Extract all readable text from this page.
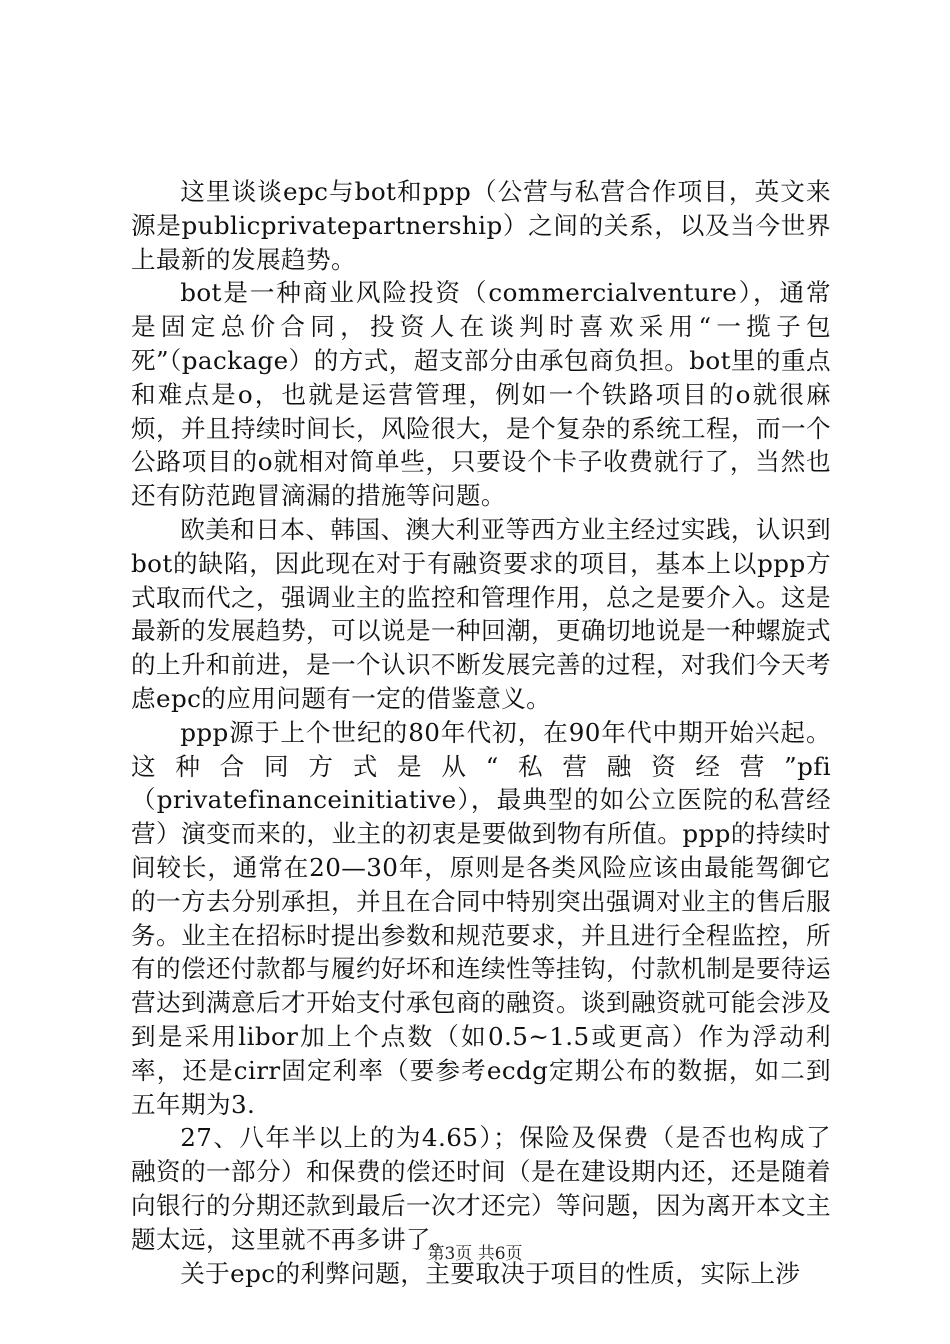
这里谈谈epc与bot和ppp（公营与私营合作项目，英文来源是publicprivatepartnership）之间的关系，以及当今世界上最新的发展趋势。

bot是一种商业风险投资（commercialventure），通常是固定总价合同，投资人在谈判时喜欢采用“一揽子包死”（package）的方式，超支部分由承包商负担。bot里的重点和难点是o，也就是运营管理，例如一个铁路项目的o就很麻烦，并且持续时间长，风险很大，是个复杂的系统工程，而一个公路项目的o就相对简单些，只要设个卡子收费就行了，当然也还有防范跑冒滴漏的措施等问题。

欧美和日本、韩国、澳大利亚等西方业主经过实践，认识到bot的缺陷，因此现在对于有融资要求的项目，基本上以ppp方式取而代之，强调业主的监控和管理作用，总之是要介入。这是最新的发展趋势，可以说是一种回潮，更确切地说是一种螺旋式的上升和前进，是一个认识不断发展完善的过程，对我们今天考虑epc的应用问题有一定的借鉴意义。

ppp源于上个世纪的80年代初，在90年代中期开始兴起。这种合同方式是从“私营融资经营”pfi（privatefinanceinitiative），最典型的如公立医院的私营经营）演变而来的，业主的初衷是要做到物有所值。ppp的持续时间较长，通常在20—30年，原则是各类风险应该由最能驾御它的一方去分别承担，并且在合同中特别突出强调对业主的售后服务。业主在招标时提出参数和规范要求，并且进行全程监控，所有的偿还付款都与履约好坏和连续性等挂钩，付款机制是要待运营达到满意后才开始支付承包商的融资。谈到融资就可能会涉及到是采用libor加上个点数（如0.5~1.5或更高）作为浮动利率，还是cirr固定利率（要参考ecdg定期公布的数据，如二到五年期为3.

27、八年半以上的为4.65）；保险及保费（是否也构成了融资的一部分）和保费的偿还时间（是在建设期内还，还是随着向银行的分期还款到最后一次才还完）等问题，因为离开本文主题太远，这里就不再多讲了。

关于epc的利弊问题，主要取决于项目的性质，实际上涉

第3页 共6页
